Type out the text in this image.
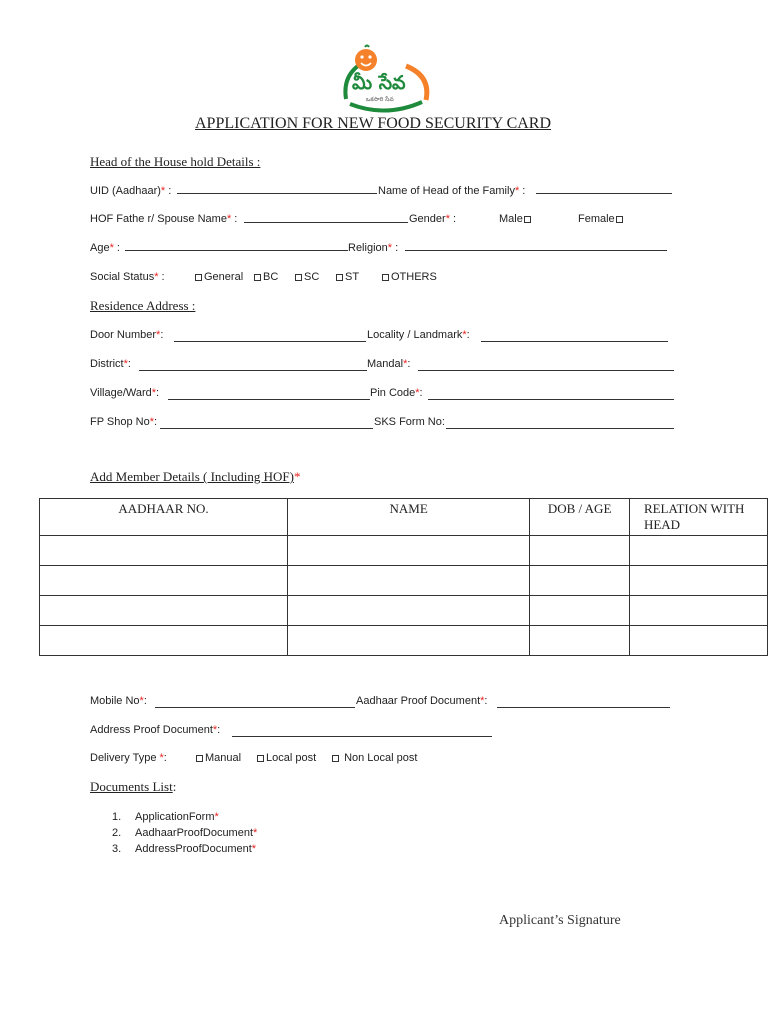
మీ సేవ
ఒకసారి సేవ
APPLICATION FOR NEW FOOD SECURITY CARD
Head of the House hold Details :
UID (Aadhaar)* :	Name of Head of the Family* :
HOF Fathe r/ Spouse Name* :	Gender* :	Male	Female
Age* :	Religion* :
Social Status* :	General	BC	SC	ST	OTHERS
Residence Address :
Door Number*:	Locality / Landmark*:
District*:	Mandal*:
Village/Ward*:	Pin Code*:
FP Shop No*:	SKS Form No:
Add Member Details ( Including HOF)*
AADHAAR NO.	NAME	DOB / AGE	RELATION WITH HEAD

Mobile No*:	Aadhaar Proof Document*:
Address Proof Document*:
Delivery Type *:	Manual	Local post	Non Local post
Documents List:
1. ApplicationForm*
2. AadhaarProofDocument*
3. AddressProofDocument*
Applicant’s Signature
